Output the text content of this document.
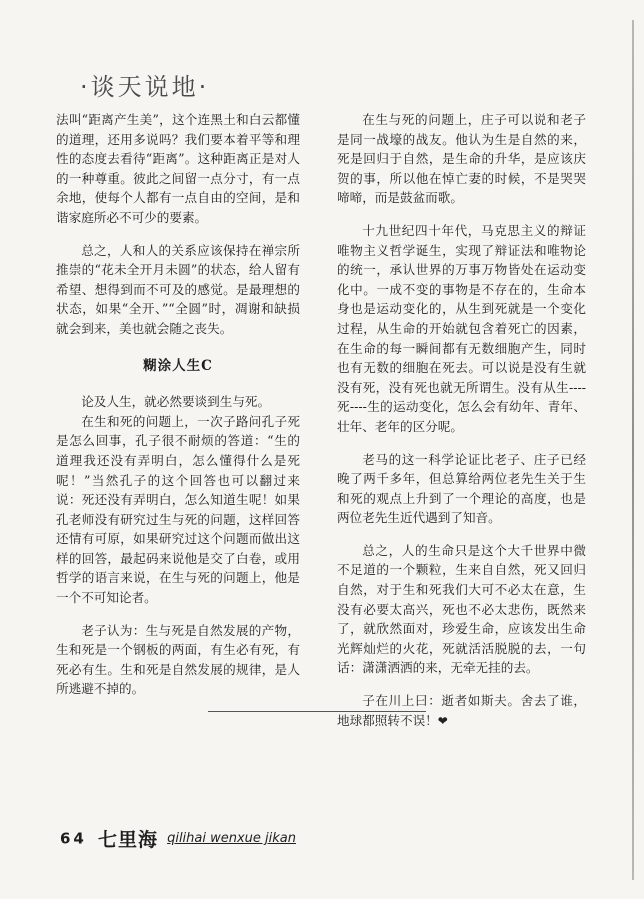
·谈天说地·

法叫“距离产生美”，这个连黑土和白云都懂的道理，还用多说吗？我们要本着平等和理性的态度去看待“距离”。这种距离正是对人的一种尊重。彼此之间留一点分寸，有一点余地，使每个人都有一点自由的空间，是和谐家庭所必不可少的要素。

总之，人和人的关系应该保持在禅宗所推崇的“花未全开月未圆”的状态，给人留有希望、想得到而不可及的感觉。是最理想的状态，如果“全开、”“全圆”时，凋谢和缺损就会到来，美也就会随之丧失。

糊涂人生C

论及人生，就必然要谈到生与死。

在生和死的问题上，一次子路问孔子死是怎么回事，孔子很不耐烦的答道：“生的道理我还没有弄明白，怎么懂得什么是死呢！”当然孔子的这个回答也可以翻过来说：死还没有弄明白，怎么知道生呢！如果孔老师没有研究过生与死的问题，这样回答还情有可原，如果研究过这个问题而做出这样的回答，最起码来说他是交了白卷，或用哲学的语言来说，在生与死的问题上，他是一个不可知论者。

老子认为：生与死是自然发展的产物，生和死是一个钢板的两面，有生必有死，有死必有生。生和死是自然发展的规律，是人所逃避不掉的。

在生与死的问题上，庄子可以说和老子是同一战壕的战友。他认为生是自然的来，死是回归于自然，是生命的升华，是应该庆贺的事，所以他在悼亡妻的时候，不是哭哭啼啼，而是鼓盆而歌。

十九世纪四十年代，马克思主义的辩证唯物主义哲学诞生，实现了辩证法和唯物论的统一，承认世界的万事万物皆处在运动变化中。一成不变的事物是不存在的，生命本身也是运动变化的，从生到死就是一个变化过程，从生命的开始就包含着死亡的因素，在生命的每一瞬间都有无数细胞产生，同时也有无数的细胞在死去。可以说是没有生就没有死，没有死也就无所谓生。没有从生----死----生的运动变化，怎么会有幼年、青年、壮年、老年的区分呢。

老马的这一科学论证比老子、庄子已经晚了两千多年，但总算给两位老先生关于生和死的观点上升到了一个理论的高度，也是两位老先生近代遇到了知音。

总之，人的生命只是这个大千世界中微不足道的一个颗粒，生来自自然，死又回归自然，对于生和死我们大可不必太在意，生没有必要太高兴，死也不必太悲伤，既然来了，就欣然面对，珍爱生命，应该发出生命光辉灿烂的火花，死就活活脱脱的去，一句话：潇潇洒洒的来，无牵无挂的去。

子在川上曰：逝者如斯夫。舍去了谁，地球都照转不误！❤

64 七里海 qilihai wenxue jikan
